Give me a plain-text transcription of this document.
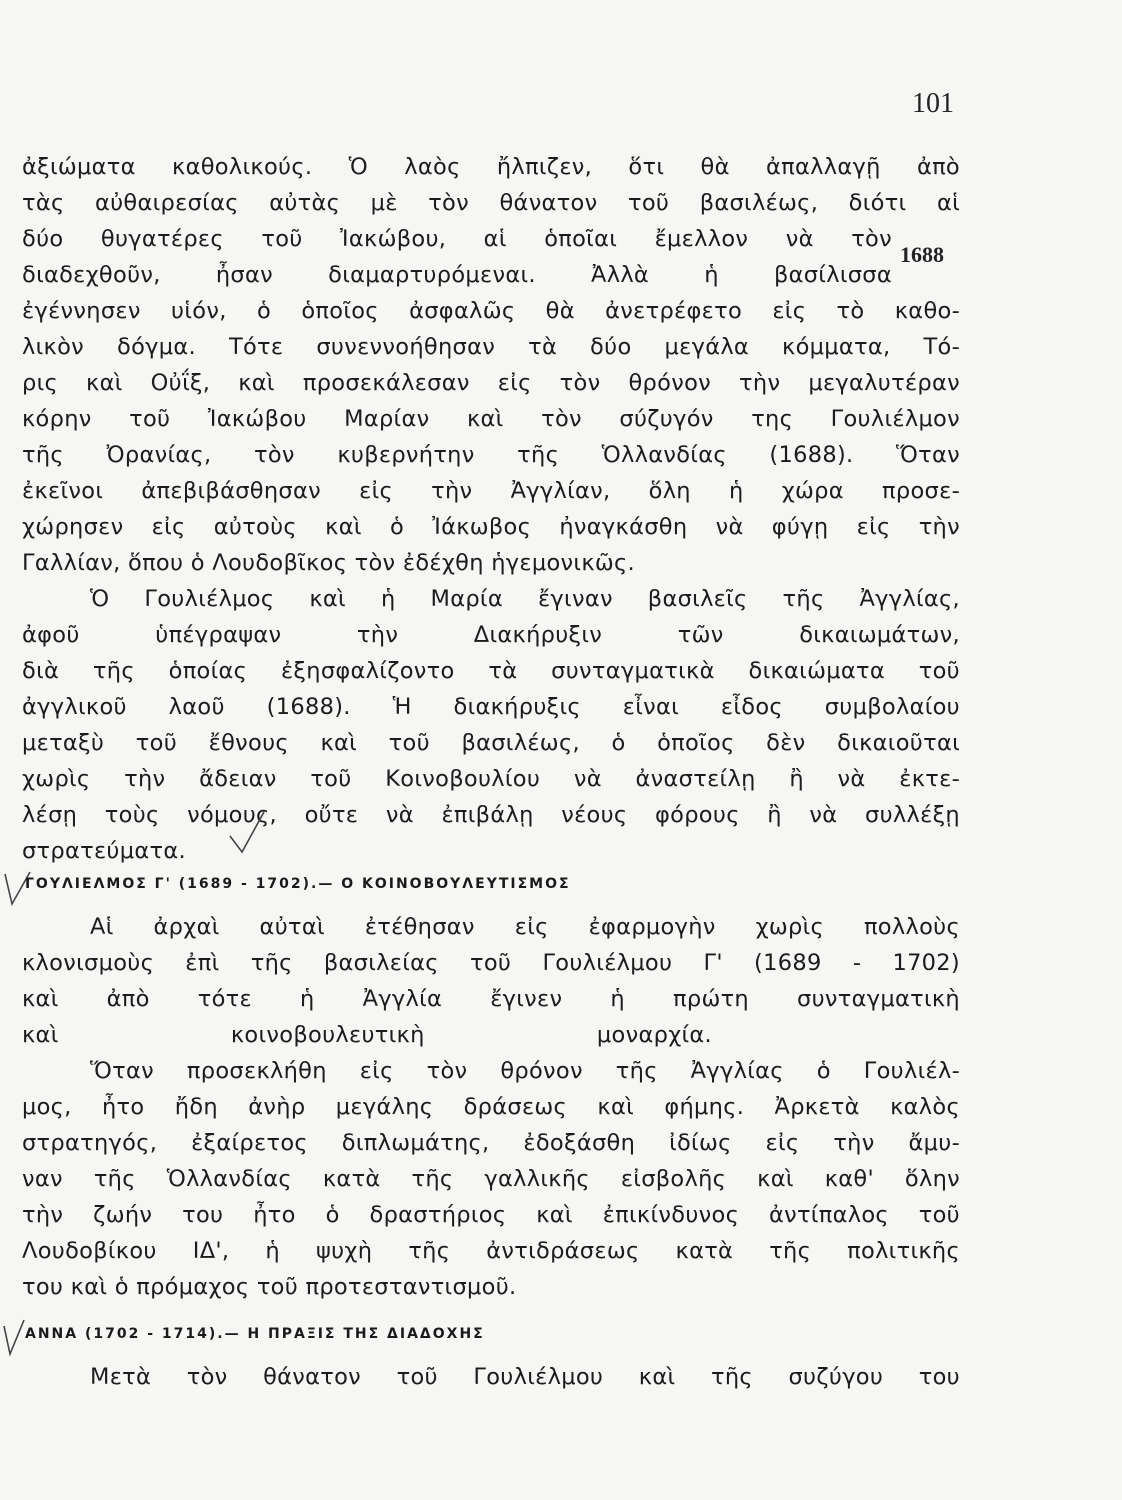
101
1688
ἀξιώματα καθολικούς. Ὁ λαὸς ἤλπιζεν, ὅτι θὰ ἀπαλλαγῇ ἀπὸ
τὰς αὐθαιρεσίας αὐτὰς μὲ τὸν θάνατον τοῦ βασιλέως, διότι αἱ
δύο θυγατέρες τοῦ Ἰακώβου, αἱ ὁποῖαι ἔμελλον νὰ τὸν
διαδεχθοῦν, ἦσαν διαμαρτυρόμεναι. Ἀλλὰ ἡ βασίλισσα
ἐγέννησεν υἱόν, ὁ ὁποῖος ἀσφαλῶς θὰ ἀνετρέφετο εἰς τὸ καθο-
λικὸν δόγμα. Τότε συνεννοήθησαν τὰ δύο μεγάλα κόμματα, Τό-
ρις καὶ Οὐΐξ, καὶ προσεκάλεσαν εἰς τὸν θρόνον τὴν μεγαλυτέραν
κόρην τοῦ Ἰακώβου Μαρίαν καὶ τὸν σύζυγόν της Γουλιέλμον
τῆς Ὀρανίας, τὸν κυβερνήτην τῆς Ὁλλανδίας (1688). Ὅταν
ἐκεῖνοι ἀπεβιβάσθησαν εἰς τὴν Ἀγγλίαν, ὅλη ἡ χώρα προσε-
χώρησεν εἰς αὐτοὺς καὶ ὁ Ἰάκωβος ἠναγκάσθη νὰ φύγῃ εἰς τὴν
Γαλλίαν, ὅπου ὁ Λουδοβῖκος τὸν ἐδέχθη ἡγεμονικῶς.
Ὁ Γουλιέλμος καὶ ἡ Μαρία ἔγιναν βασιλεῖς τῆς Ἀγγλίας,
ἀφοῦ ὑπέγραψαν τὴν Διακήρυξιν τῶν δικαιωμάτων,
διὰ τῆς ὁποίας ἐξησφαλίζοντο τὰ συνταγματικὰ δικαιώματα τοῦ
ἀγγλικοῦ λαοῦ (1688). Ἡ διακήρυξις εἶναι εἶδος συμβολαίου
μεταξὺ τοῦ ἔθνους καὶ τοῦ βασιλέως, ὁ ὁποῖος δὲν δικαιοῦται
χωρὶς τὴν ἄδειαν τοῦ Κοινοβουλίου νὰ ἀναστείλῃ ἢ νὰ ἐκτε-
λέσῃ τοὺς νόμους, οὔτε νὰ ἐπιβάλῃ νέους φόρους ἢ νὰ συλλέξῃ
στρατεύματα.
ΓΟΥΛΙΕΛΜΟΣ Γ' (1689 - 1702).— Ο ΚΟΙΝΟΒΟΥΛΕΥΤΙΣΜΟΣ
Αἱ ἀρχαὶ αὐταὶ ἐτέθησαν εἰς ἐφαρμογὴν χωρὶς πολλοὺς
κλονισμοὺς ἐπὶ τῆς βασιλείας τοῦ Γουλιέλμου Γ' (1689 - 1702)
καὶ ἀπὸ τότε ἡ Ἀγγλία ἔγινεν ἡ πρώτη συνταγματικὴ
καὶ κοινοβουλευτικὴ μοναρχία.
Ὅταν προσεκλήθη εἰς τὸν θρόνον τῆς Ἀγγλίας ὁ Γουλιέλ-
μος, ἦτο ἤδη ἀνὴρ μεγάλης δράσεως καὶ φήμης. Ἀρκετὰ καλὸς
στρατηγός, ἐξαίρετος διπλωμάτης, ἐδοξάσθη ἰδίως εἰς τὴν ἄμυ-
ναν τῆς Ὁλλανδίας κατὰ τῆς γαλλικῆς εἰσβολῆς καὶ καθ' ὅλην
τὴν ζωήν του ἦτο ὁ δραστήριος καὶ ἐπικίνδυνος ἀντίπαλος τοῦ
Λουδοβίκου ΙΔ', ἡ ψυχὴ τῆς ἀντιδράσεως κατὰ τῆς πολιτικῆς
του καὶ ὁ πρόμαχος τοῦ προτεσταντισμοῦ.
ΑΝΝΑ (1702 - 1714).— Η ΠΡΑΞΙΣ ΤΗΣ ΔΙΑΔΟΧΗΣ
Μετὰ τὸν θάνατον τοῦ Γουλιέλμου καὶ τῆς συζύγου του
